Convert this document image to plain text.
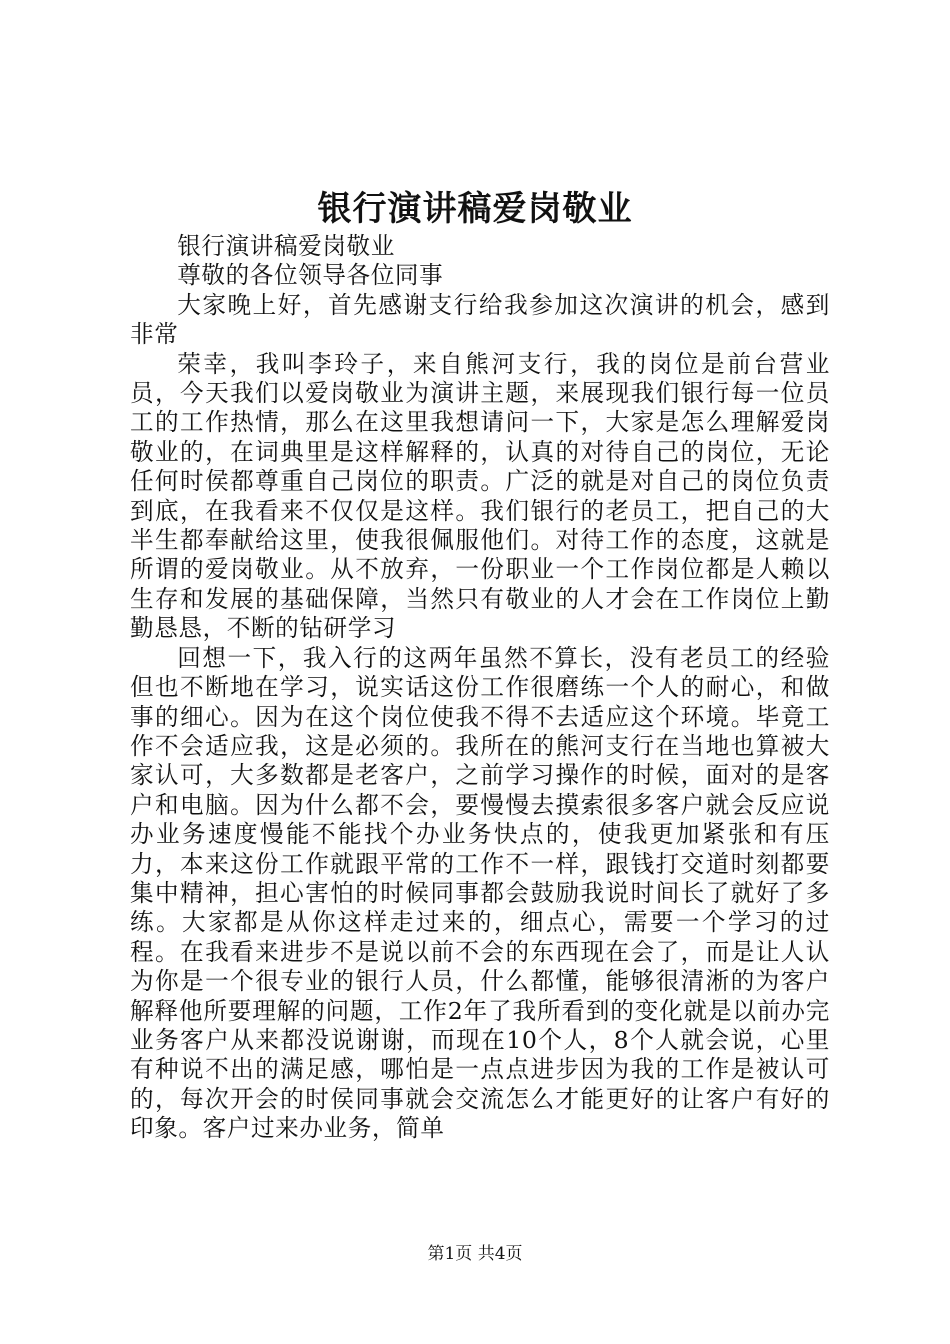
银行演讲稿爱岗敬业

银行演讲稿爱岗敬业

尊敬的各位领导各位同事

大家晚上好，首先感谢支行给我参加这次演讲的机会，感到非常

荣幸，我叫李玲子，来自熊河支行，我的岗位是前台营业员，今天我们以爱岗敬业为演讲主题，来展现我们银行每一位员工的工作热情，那么在这里我想请问一下，大家是怎么理解爱岗敬业的，在词典里是这样解释的，认真的对待自己的岗位，无论任何时侯都尊重自己岗位的职责。广泛的就是对自己的岗位负责到底，在我看来不仅仅是这样。我们银行的老员工，把自己的大半生都奉献给这里，使我很佩服他们。对待工作的态度，这就是所谓的爱岗敬业。从不放弃，一份职业一个工作岗位都是人赖以生存和发展的基础保障，当然只有敬业的人才会在工作岗位上勤勤恳恳，不断的钻研学习

回想一下，我入行的这两年虽然不算长，没有老员工的经验但也不断地在学习，说实话这份工作很磨练一个人的耐心，和做事的细心。因为在这个岗位使我不得不去适应这个环境。毕竟工作不会适应我，这是必须的。我所在的熊河支行在当地也算被大家认可，大多数都是老客户，之前学习操作的时候，面对的是客户和电脑。因为什么都不会，要慢慢去摸索很多客户就会反应说办业务速度慢能不能找个办业务快点的，使我更加紧张和有压力，本来这份工作就跟平常的工作不一样，跟钱打交道时刻都要集中精神，担心害怕的时候同事都会鼓励我说时间长了就好了多练。大家都是从你这样走过来的，细点心，需要一个学习的过程。在我看来进步不是说以前不会的东西现在会了，而是让人认为你是一个很专业的银行人员，什么都懂，能够很清淅的为客户解释他所要理解的问题，工作2年了我所看到的变化就是以前办完业务客户从来都没说谢谢，而现在10个人，8个人就会说，心里有种说不出的满足感，哪怕是一点点进步因为我的工作是被认可的，每次开会的时侯同事就会交流怎么才能更好的让客户有好的印象。客户过来办业务，简单

第1页 共4页
